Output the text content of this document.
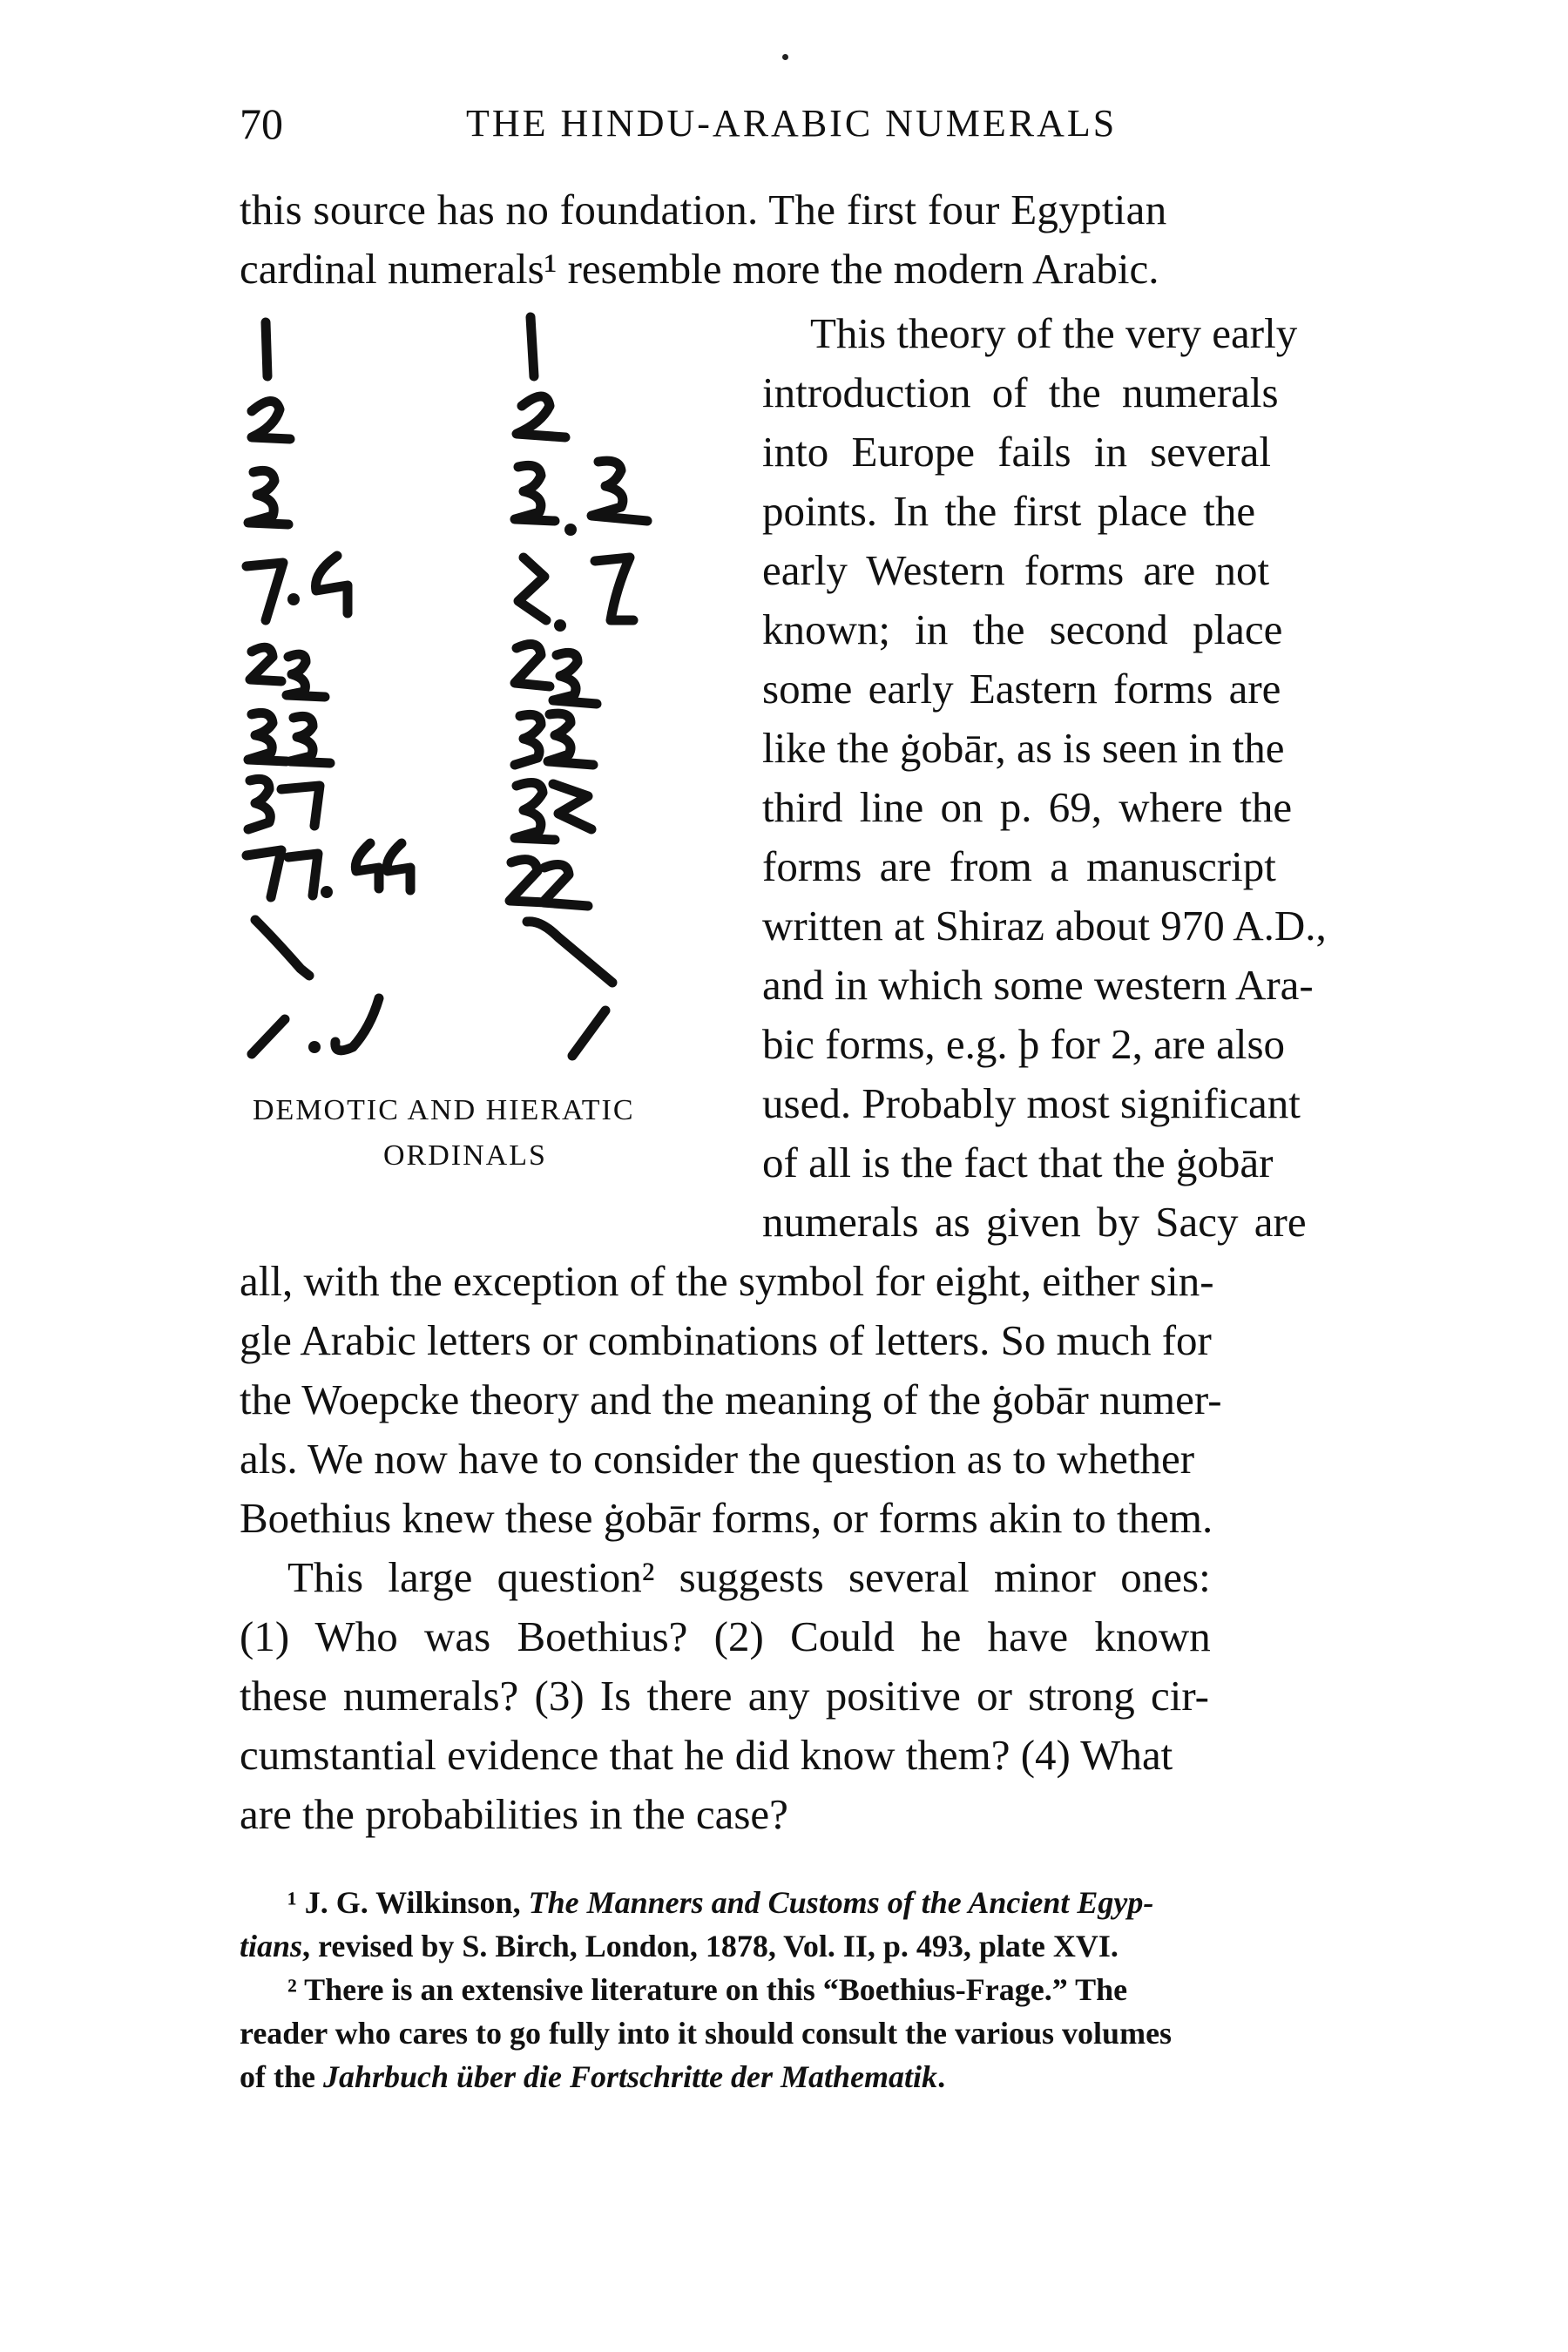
70	THE HINDU-ARABIC NUMERALS
this source has no foundation. The first four Egyptian
cardinal numerals¹ resemble more the modern Arabic.
DEMOTIC AND HIERATIC
ORDINALS
This theory of the very early
introduction of the numerals
into Europe fails in several
points. In the first place the
early Western forms are not
known; in the second place
some early Eastern forms are
like the ġobār, as is seen in the
third line on p. 69, where the
forms are from a manuscript
written at Shiraz about 970 A.D.,
and in which some western Ara-
bic forms, e.g. ϸ for 2, are also
used. Probably most significant
of all is the fact that the ġobār
numerals as given by Sacy are
all, with the exception of the symbol for eight, either sin-
gle Arabic letters or combinations of letters. So much for
the Woepcke theory and the meaning of the ġobār numer-
als. We now have to consider the question as to whether
Boethius knew these ġobār forms, or forms akin to them.
This large question² suggests several minor ones:
(1) Who was Boethius? (2) Could he have known
these numerals? (3) Is there any positive or strong cir-
cumstantial evidence that he did know them? (4) What
are the probabilities in the case?
¹ J. G. Wilkinson, The Manners and Customs of the Ancient Egyp-
tians, revised by S. Birch, London, 1878, Vol. II, p. 493, plate XVI.
² There is an extensive literature on this “Boethius-Frage.” The
reader who cares to go fully into it should consult the various volumes
of the Jahrbuch über die Fortschritte der Mathematik.
